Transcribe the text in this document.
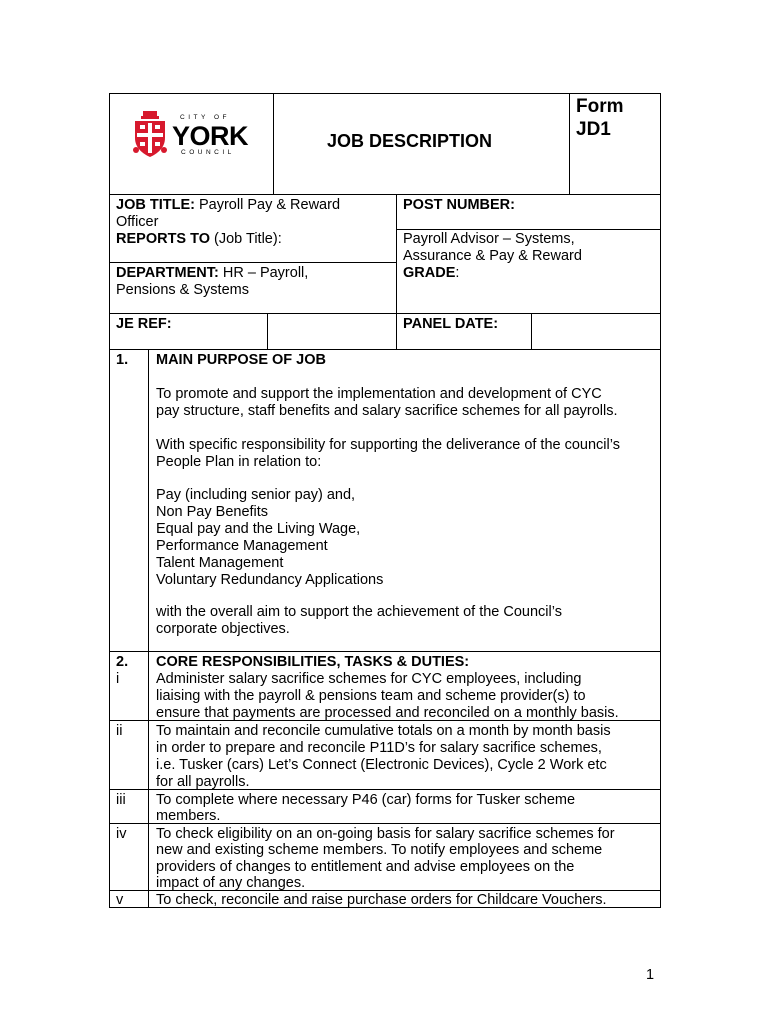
CITY OF
YORK
COUNCIL
JOB DESCRIPTION
Form
JD1
JOB TITLE: Payroll Pay & Reward
Officer
REPORTS TO (Job Title):
POST NUMBER:
Payroll Advisor – Systems,
Assurance & Pay & Reward
GRADE:
DEPARTMENT: HR – Payroll,
Pensions & Systems
JE REF:	PANEL DATE:
1. MAIN PURPOSE OF JOB
To promote and support the implementation and development of CYC
pay structure, staff benefits and salary sacrifice schemes for all payrolls.
With specific responsibility for supporting the deliverance of the council’s
People Plan in relation to:
Pay (including senior pay) and,
Non Pay Benefits
Equal pay and the Living Wage,
Performance Management
Talent Management
Voluntary Redundancy Applications
with the overall aim to support the achievement of the Council’s
corporate objectives.
2. CORE RESPONSIBILITIES, TASKS & DUTIES:
i	Administer salary sacrifice schemes for CYC employees, including
liaising with the payroll & pensions team and scheme provider(s) to
ensure that payments are processed and reconciled on a monthly basis.
ii To maintain and reconcile cumulative totals on a month by month basis
in order to prepare and reconcile P11D’s for salary sacrifice schemes,
i.e. Tusker (cars) Let’s Connect (Electronic Devices), Cycle 2 Work etc
for all payrolls.
iii To complete where necessary P46 (car) forms for Tusker scheme
members.
iv To check eligibility on an on-going basis for salary sacrifice schemes for
new and existing scheme members. To notify employees and scheme
providers of changes to entitlement and advise employees on the
impact of any changes.
v To check, reconcile and raise purchase orders for Childcare Vouchers.
1
